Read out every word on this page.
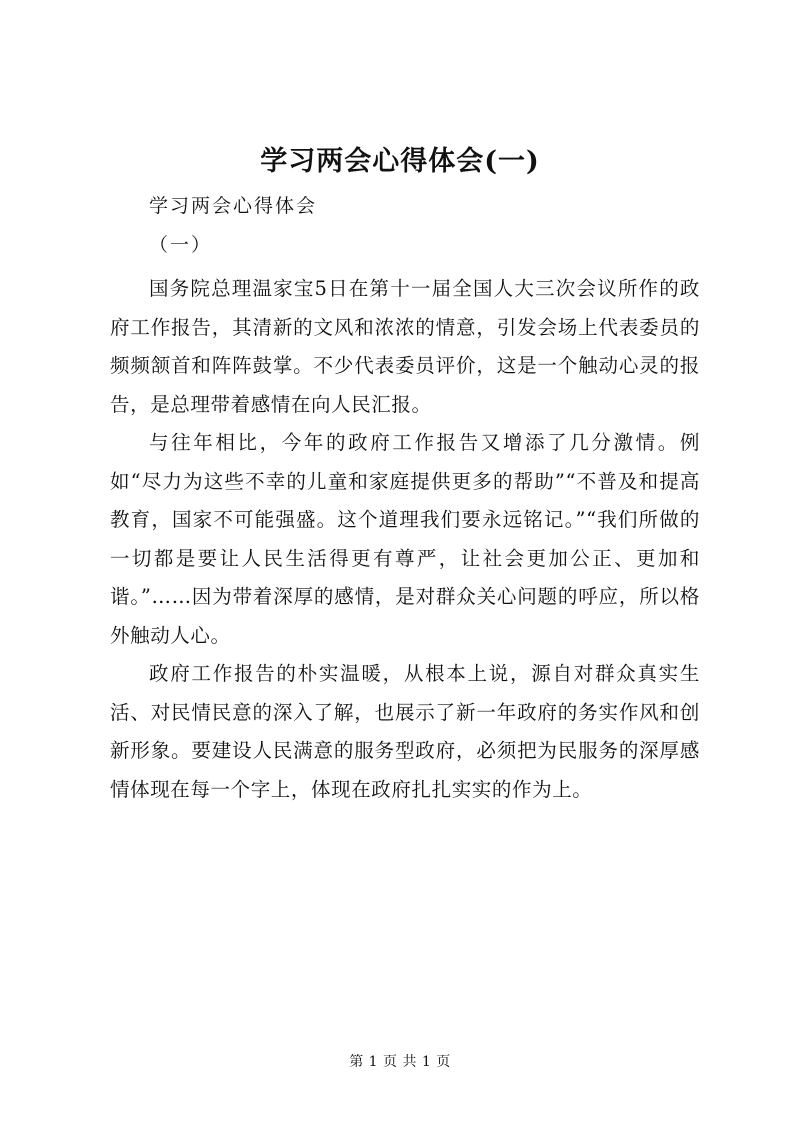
学习两会心得体会(一)
学习两会心得体会
（一）

国务院总理温家宝5日在第十一届全国人大三次会议所作的政府工作报告，其清新的文风和浓浓的情意，引发会场上代表委员的频频颔首和阵阵鼓掌。不少代表委员评价，这是一个触动心灵的报告，是总理带着感情在向人民汇报。

与往年相比，今年的政府工作报告又增添了几分激情。例如“尽力为这些不幸的儿童和家庭提供更多的帮助”“不普及和提高教育，国家不可能强盛。这个道理我们要永远铭记。”“我们所做的一切都是要让人民生活得更有尊严，让社会更加公正、更加和谐。”……因为带着深厚的感情，是对群众关心问题的呼应，所以格外触动人心。

政府工作报告的朴实温暖，从根本上说，源自对群众真实生活、对民情民意的深入了解，也展示了新一年政府的务实作风和创新形象。要建设人民满意的服务型政府，必须把为民服务的深厚感情体现在每一个字上，体现在政府扎扎实实的作为上。

第 1 页 共 1 页
